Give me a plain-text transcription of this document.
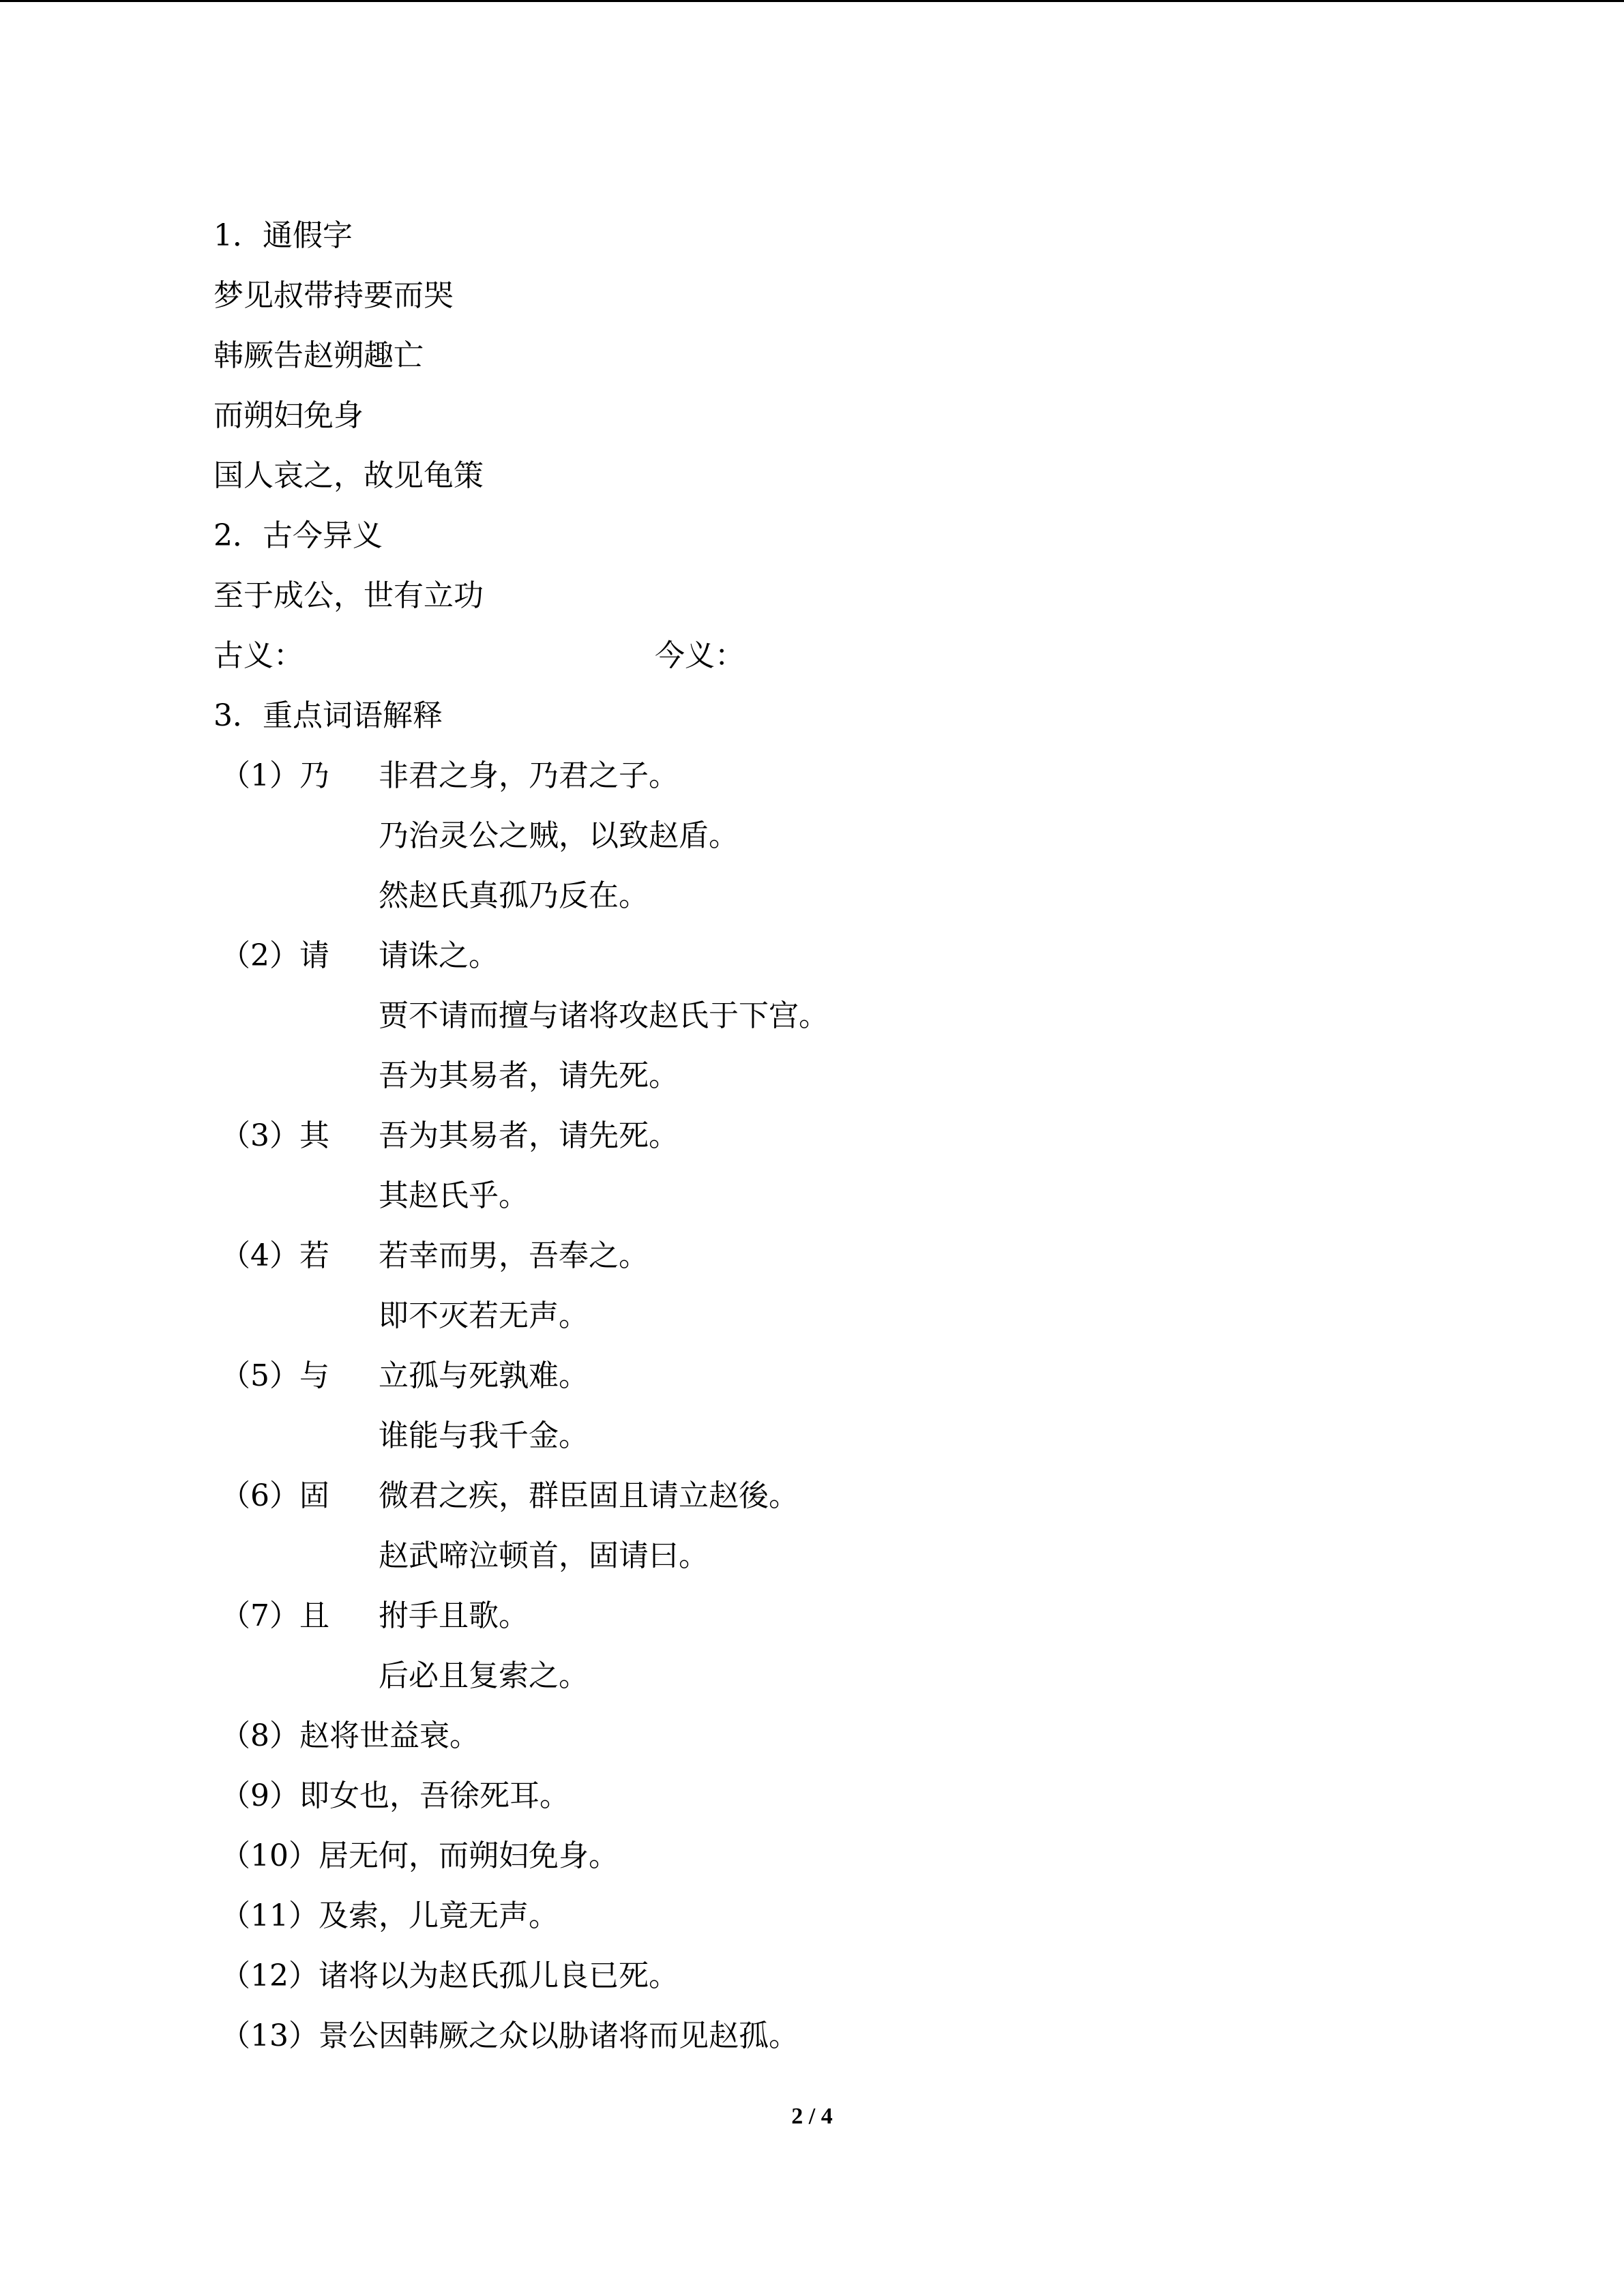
1．通假字
梦见叔带持要而哭
韩厥告赵朔趣亡
而朔妇免身
国人哀之，故见龟策
2．古今异义
至于成公，世有立功
古义：	今义：
3．重点词语解释
（1）乃 非君之身，乃君之子。
乃治灵公之贼，以致赵盾。
然赵氏真孤乃反在。
（2）请 请诛之。
贾不请而擅与诸将攻赵氏于下宫。
吾为其易者，请先死。
（3）其 吾为其易者，请先死。
其赵氏乎。
（4）若 若幸而男，吾奉之。
即不灭若无声。
（5）与 立孤与死孰难。
谁能与我千金。
（6）固 微君之疾，群臣固且请立赵後。
赵武啼泣顿首，固请曰。
（7）且 拊手且歌。
后必且复索之。
（8）赵将世益衰。
（9）即女也，吾徐死耳。
（10）居无何，而朔妇免身。
（11）及索，儿竟无声。
（12）诸将以为赵氏孤儿良已死。
（13）景公因韩厥之众以胁诸将而见赵孤。
2 / 4
